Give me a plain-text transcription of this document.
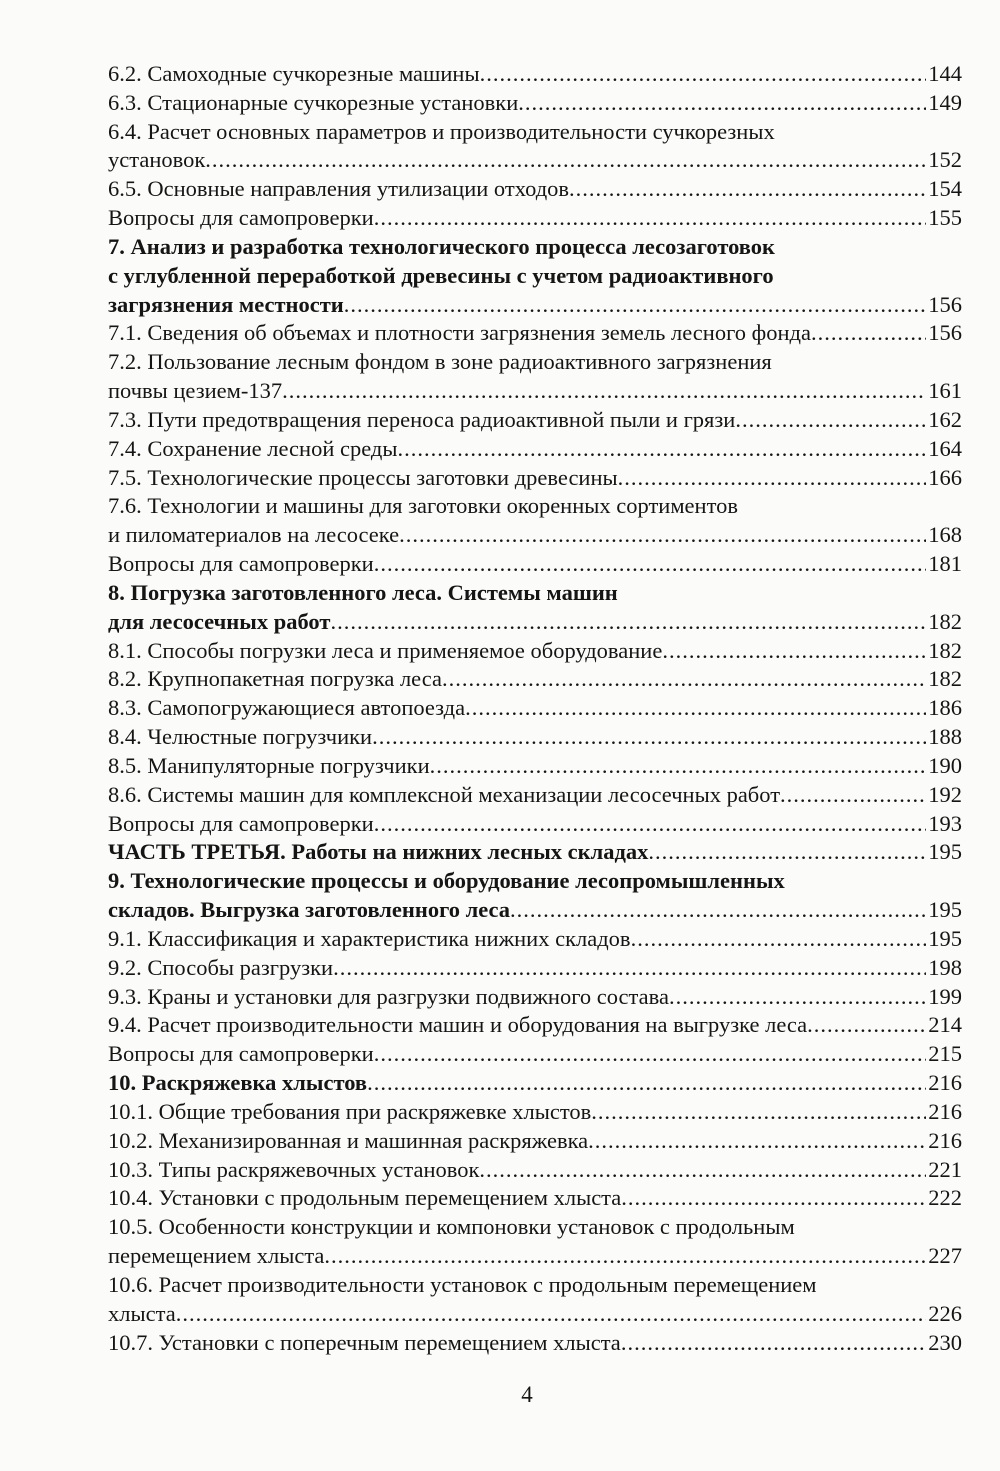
6.2. Самоходные сучкорезные машины .....	144
6.3. Стационарные сучкорезные установки .....	149
6.4. Расчет основных параметров и производительности сучкорезных
установок .....	152
6.5. Основные направления утилизации отходов .....	154
Вопросы для самопроверки .....	155
7. Анализ и разработка технологического процесса лесозаготовок
с углубленной переработкой древесины с учетом радиоактивного
загрязнения местности .....	156
7.1. Сведения об объемах и плотности загрязнения земель лесного фонда .....	156
7.2. Пользование лесным фондом в зоне радиоактивного загрязнения
почвы цезием-137 .....	161
7.3. Пути предотвращения переноса радиоактивной пыли и грязи .....	162
7.4. Сохранение лесной среды .....	164
7.5. Технологические процессы заготовки древесины .....	166
7.6. Технологии и машины для заготовки окоренных сортиментов
и пиломатериалов на лесосеке .....	168
Вопросы для самопроверки .....	181
8. Погрузка заготовленного леса. Системы машин
для лесосечных работ .....	182
8.1. Способы погрузки леса и применяемое оборудование .....	182
8.2. Крупнопакетная погрузка леса .....	182
8.3. Самопогружающиеся автопоезда .....	186
8.4. Челюстные погрузчики .....	188
8.5. Манипуляторные погрузчики .....	190
8.6. Системы машин для комплексной механизации лесосечных работ .....	192
Вопросы для самопроверки .....	193
ЧАСТЬ ТРЕТЬЯ. Работы на нижних лесных складах .....	195
9. Технологические процессы и оборудование лесопромышленных
складов. Выгрузка заготовленного леса .....	195
9.1. Классификация и характеристика нижних складов .....	195
9.2. Способы разгрузки .....	198
9.3. Краны и установки для разгрузки подвижного состава .....	199
9.4. Расчет производительности машин и оборудования на выгрузке леса .....	214
Вопросы для самопроверки .....	215
10. Раскряжевка хлыстов .....	216
10.1. Общие требования при раскряжевке хлыстов .....	216
10.2. Механизированная и машинная раскряжевка .....	216
10.3. Типы раскряжевочных установок .....	221
10.4. Установки с продольным перемещением хлыста .....	222
10.5. Особенности конструкции и компоновки установок с продольным
перемещением хлыста .....	227
10.6. Расчет производительности установок с продольным перемещением
хлыста .....	226
10.7. Установки с поперечным перемещением хлыста .....	230
4
